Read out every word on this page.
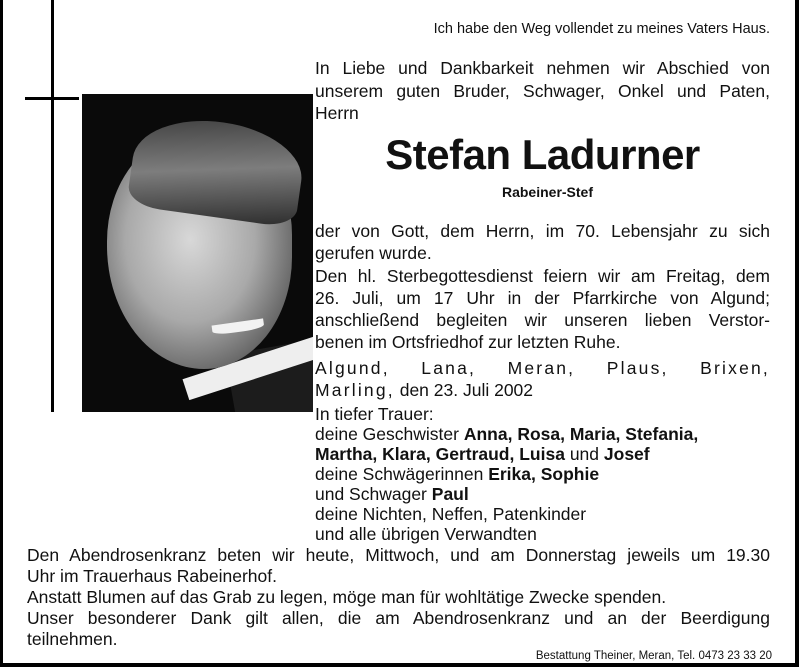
Ich habe den Weg vollendet zu meines Vaters Haus.
In Liebe und Dankbarkeit nehmen wir Abschied von
unserem guten Bruder, Schwager, Onkel und Paten,
Herrn
Stefan Ladurner
Rabeiner-Stef
der von Gott, dem Herrn, im 70. Lebensjahr zu sich
gerufen wurde.
Den hl. Sterbegottesdienst feiern wir am Freitag, dem
26. Juli, um 17 Uhr in der Pfarrkirche von Algund;
anschließend begleiten wir unseren lieben Verstor-
benen im Ortsfriedhof zur letzten Ruhe.
Algund, Lana, Meran, Plaus, Brixen,
Marling, den 23. Juli 2002
In tiefer Trauer:
deine Geschwister Anna, Rosa, Maria, Stefania,
Martha, Klara, Gertraud, Luisa und Josef
deine Schwägerinnen Erika, Sophie
und Schwager Paul
deine Nichten, Neffen, Patenkinder
und alle übrigen Verwandten
Den Abendrosenkranz beten wir heute, Mittwoch, und am Donnerstag jeweils um 19.30
Uhr im Trauerhaus Rabeinerhof.
Anstatt Blumen auf das Grab zu legen, möge man für wohltätige Zwecke spenden.
Unser besonderer Dank gilt allen, die am Abendrosenkranz und an der Beerdigung
teilnehmen.
Bestattung Theiner, Meran, Tel. 0473 23 33 20
